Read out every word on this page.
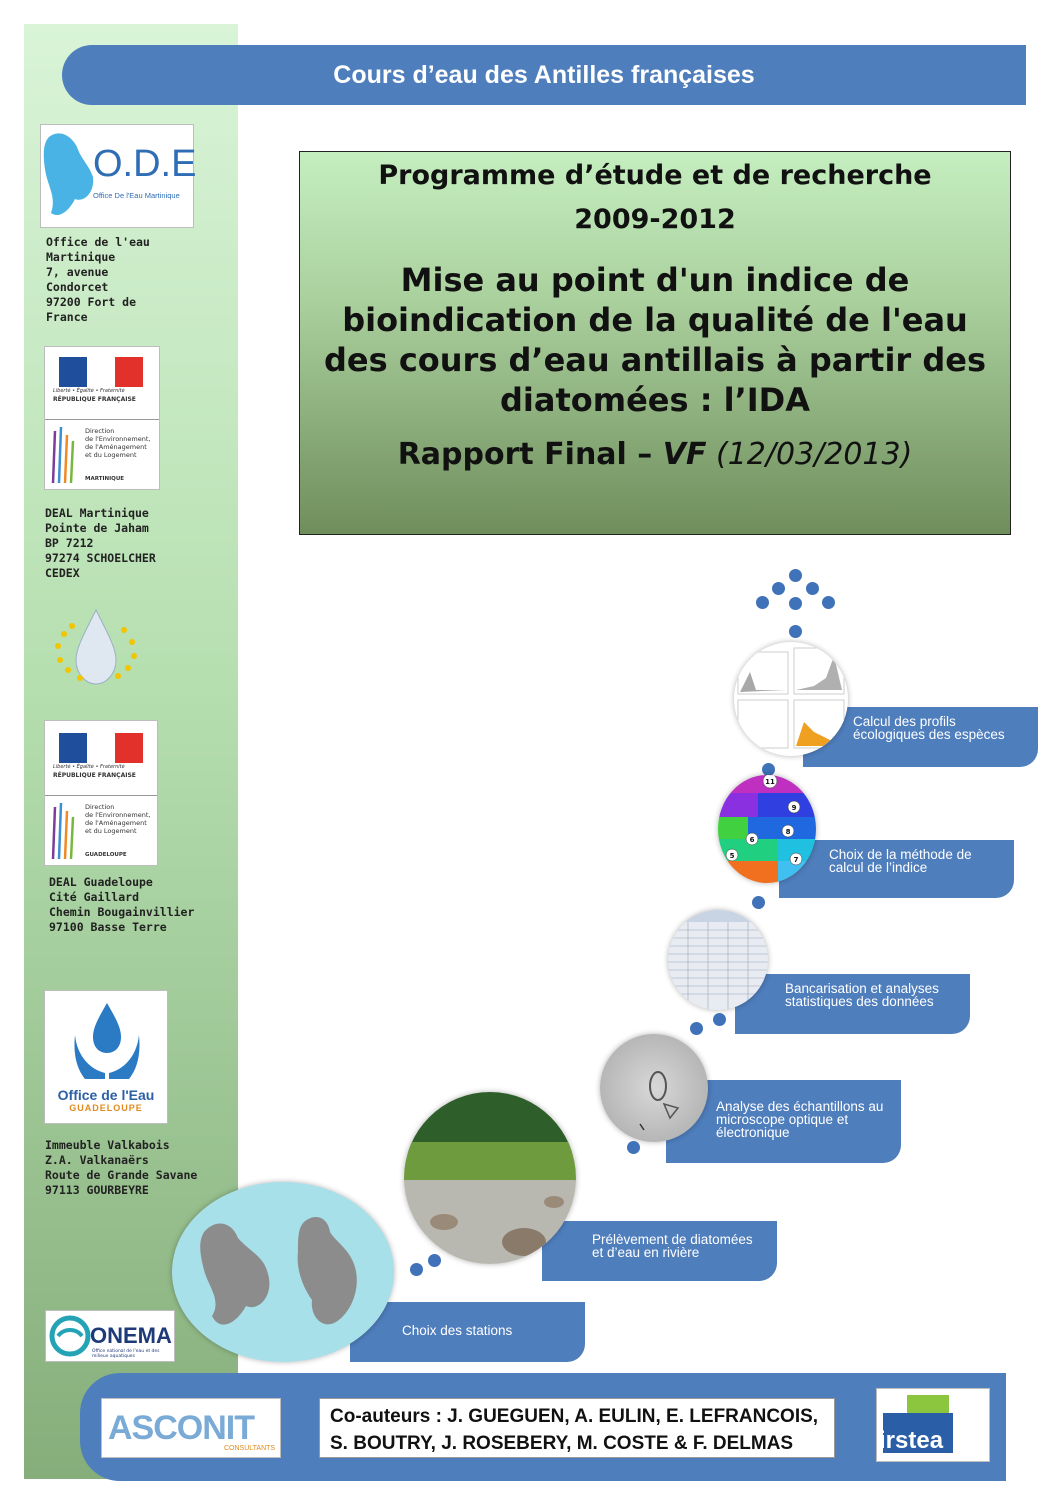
Cours d’eau des Antilles françaises
O.D.E
Office De l'Eau Martinique
Office de l'eau
Martinique
7, avenue
Condorcet
97200 Fort de
France
Liberté • Égalité • Fraternité
RÉPUBLIQUE FRANÇAISE
Direction
de l'Environnement,
de l'Aménagement
et du Logement
MARTINIQUE
DEAL Martinique
Pointe de Jaham
BP 7212
97274 SCHOELCHER
CEDEX
Liberté • Égalité • Fraternité
RÉPUBLIQUE FRANÇAISE
Direction
de l'Environnement,
de l'Aménagement
et du Logement
GUADELOUPE
DEAL Guadeloupe
Cité Gaillard
Chemin Bougainvillier
97100 Basse Terre
Office de l'Eau
GUADELOUPE
Immeuble Valkabois
Z.A. Valkanaërs
Route de Grande Savane
97113 GOURBEYRE
ONEMA
Office national de l'eau et des milieux aquatiques
Programme d’étude et de recherche
2009-2012
Mise au point d'un indice de bioindication de la qualité de l'eau des cours d’eau antillais à partir des diatomées : l’IDA
Rapport Final – VF (12/03/2013)
Calcul des profils écologiques des espèces
Choix de la méthode de calcul de l’indice
11
9
8
6
5	7
Bancarisation et analyses statistiques des données
Analyse des échantillons au microscope optique et électronique
Prélèvement de diatomées et d’eau en rivière
Choix des stations
ASCONIT
CONSULTANTS
Co-auteurs : J. GUEGUEN, A. EULIN, E. LEFRANCOIS,
S. BOUTRY, J. ROSEBERY, M. COSTE & F. DELMAS	irstea
